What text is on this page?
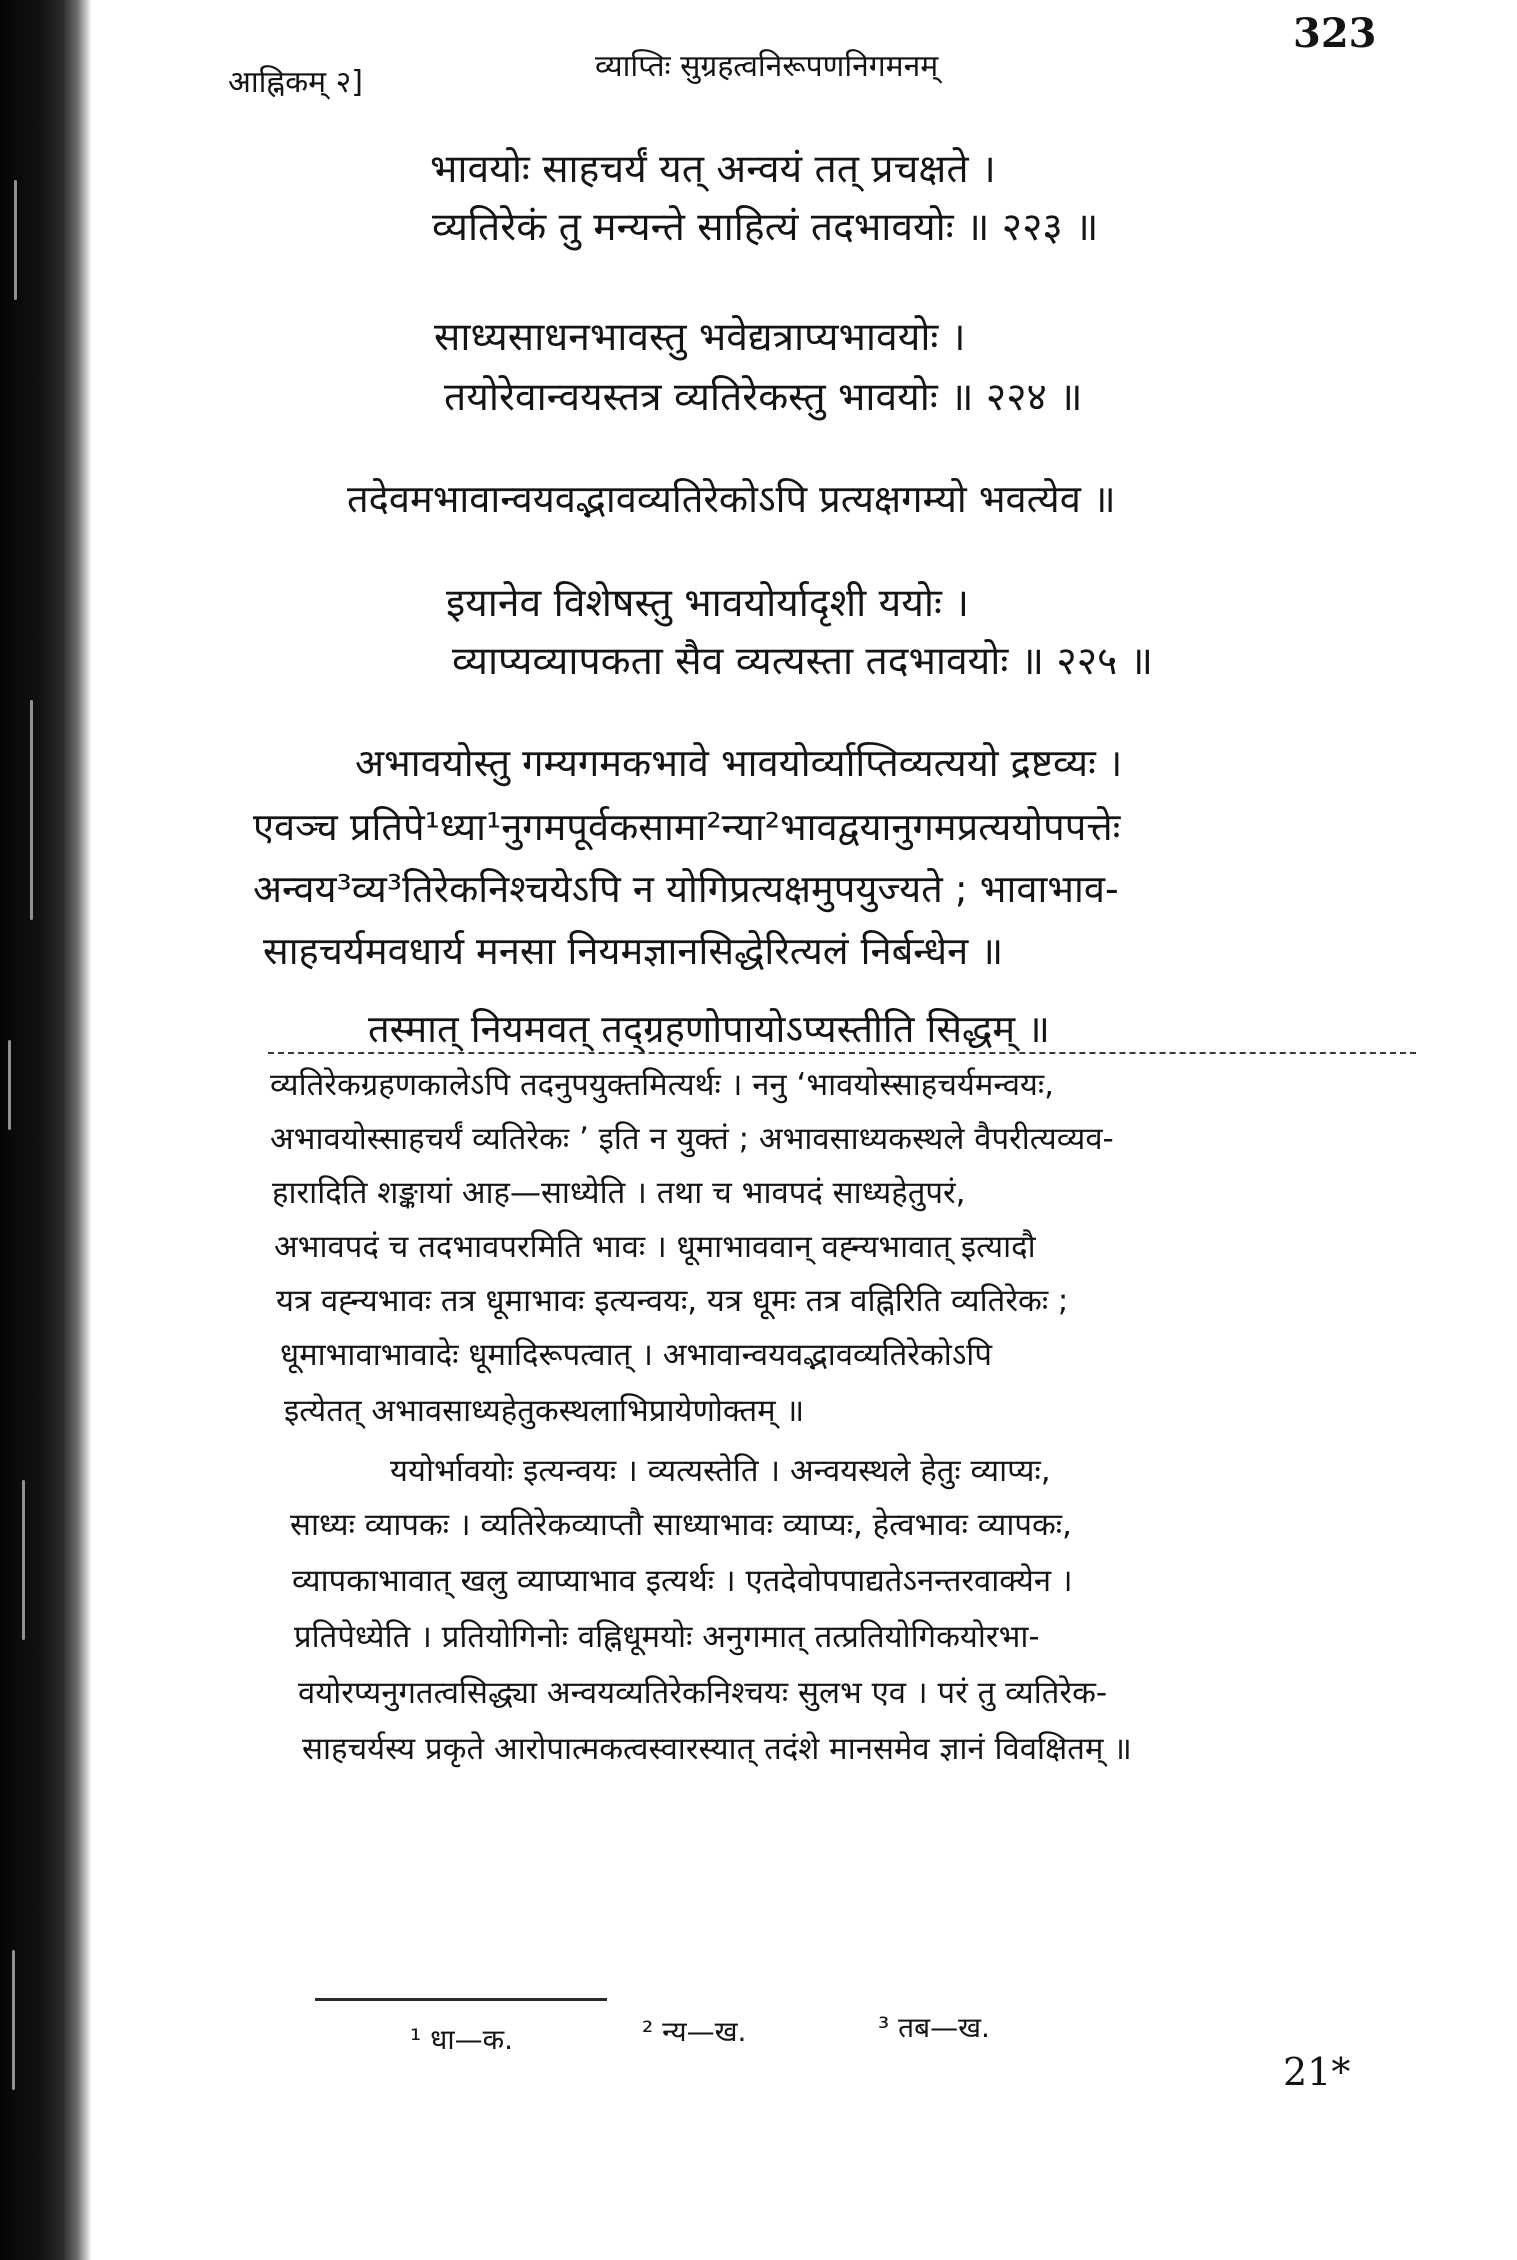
आह्निकम् २]	व्याप्तिः सुग्रहत्वनिरूपणनिगमनम्
323
भावयोः साहचर्यं यत् अन्वयं तत् प्रचक्षते ।
व्यतिरेकं तु मन्यन्ते साहित्यं तदभावयोः ॥ २२३ ॥
साध्यसाधनभावस्तु भवेद्यत्राप्यभावयोः ।
तयोरेवान्वयस्तत्र व्यतिरेकस्तु भावयोः ॥ २२४ ॥
तदेवमभावान्वयवद्भावव्यतिरेकोऽपि प्रत्यक्षगम्यो भवत्येव ॥
इयानेव विशेषस्तु भावयोर्यादृशी ययोः ।
व्याप्यव्यापकता सैव व्यत्यस्ता तदभावयोः ॥ २२५ ॥
अभावयोस्तु गम्यगमकभावे भावयोर्व्याप्तिव्यत्ययो द्रष्टव्यः ।
एवञ्च प्रतिपे¹ध्या¹नुगमपूर्वकसामा²न्या²भावद्वयानुगमप्रत्ययोपपत्तेः
अन्वय³व्य³तिरेकनिश्चयेऽपि न योगिप्रत्यक्षमुपयुज्यते ; भावाभाव-
साहचर्यमवधार्य मनसा नियमज्ञानसिद्धेरित्यलं निर्बन्धेन ॥
तस्मात् नियमवत् तद्ग्रहणोपायोऽप्यस्तीति सिद्धम् ॥
व्यतिरेकग्रहणकालेऽपि तदनुपयुक्तमित्यर्थः । ननु ‘भावयोस्साहचर्यमन्वयः,
अभावयोस्साहचर्यं व्यतिरेकः ’ इति न युक्तं ; अभावसाध्यकस्थले वैपरीत्यव्यव-
हारादिति शङ्कायां आह—साध्येति । तथा च भावपदं साध्यहेतुपरं,
अभावपदं च तदभावपरमिति भावः । धूमाभाववान् वह्न्यभावात् इत्यादौ
यत्र वह्न्यभावः तत्र धूमाभावः इत्यन्वयः, यत्र धूमः तत्र वह्निरिति व्यतिरेकः ;
धूमाभावाभावादेः धूमादिरूपत्वात् । अभावान्वयवद्भावव्यतिरेकोऽपि
इत्येतत् अभावसाध्यहेतुकस्थलाभिप्रायेणोक्तम् ॥
ययोर्भावयोः इत्यन्वयः । व्यत्यस्तेति । अन्वयस्थले हेतुः व्याप्यः,
साध्यः व्यापकः । व्यतिरेकव्याप्तौ साध्याभावः व्याप्यः, हेत्वभावः व्यापकः,
व्यापकाभावात् खलु व्याप्याभाव इत्यर्थः । एतदेवोपपाद्यतेऽनन्तरवाक्येन ।
प्रतिपेध्येति । प्रतियोगिनोः वह्निधूमयोः अनुगमात् तत्प्रतियोगिकयोरभा-
वयोरप्यनुगतत्वसिद्ध्या अन्वयव्यतिरेकनिश्चयः सुलभ एव । परं तु व्यतिरेक-
साहचर्यस्य प्रकृते आरोपात्मकत्वस्वारस्यात् तदंशे मानसमेव ज्ञानं विवक्षितम् ॥
¹ धा—क.	² न्य—ख.	³ तब—ख.
21*
